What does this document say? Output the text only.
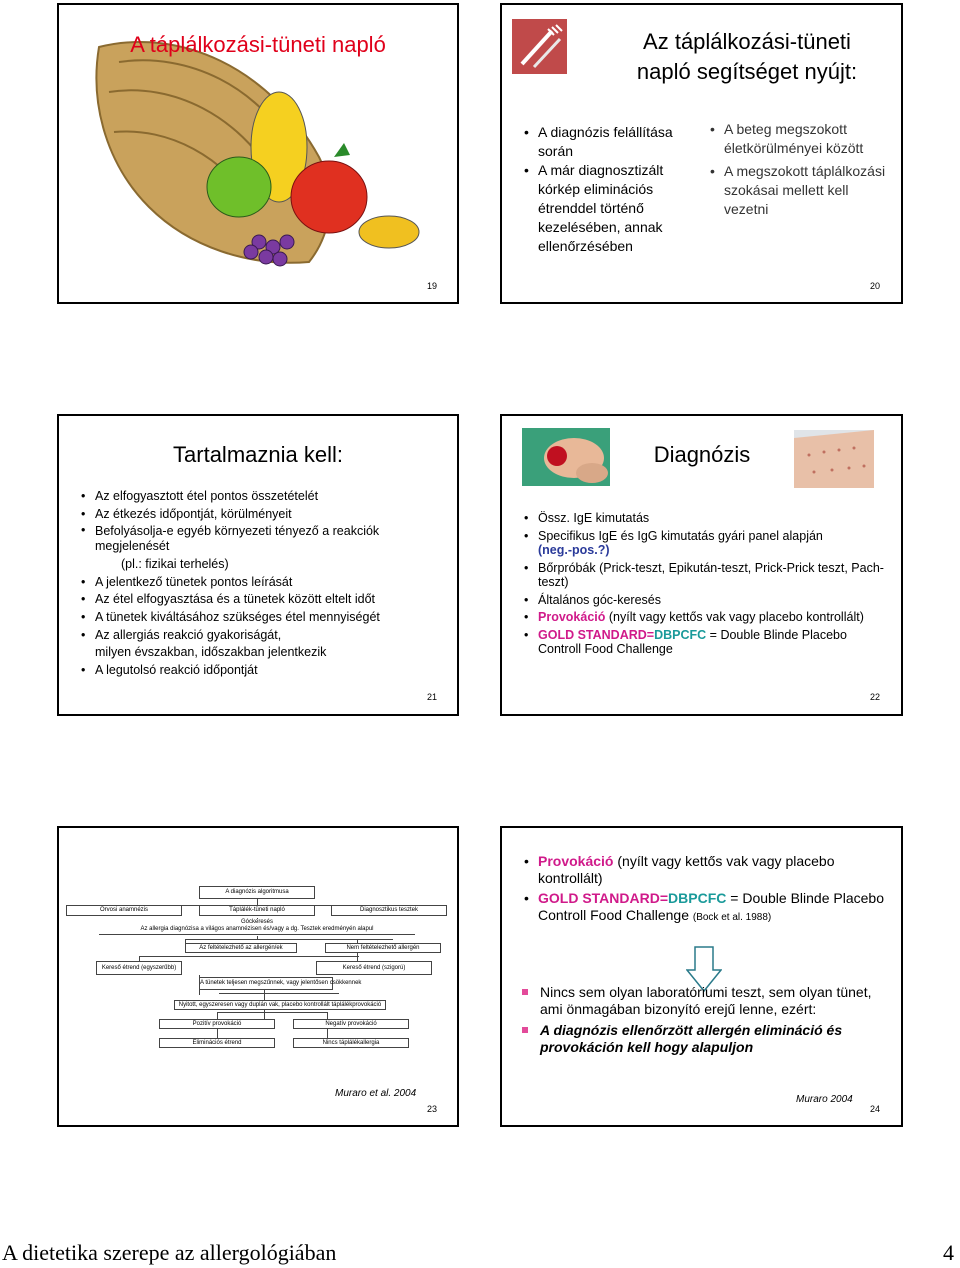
A táplálkozási-tüneti napló
19
Az táplálkozási-tüneti
napló segítséget nyújt:
• A diagnózis felállítása során
• A már diagnosztizált kórkép eliminációs étrenddel történő kezelésében, annak ellenőrzésében
• A beteg megszokott életkörülményei között
• A megszokott táplálkozási szokásai mellett kell vezetni
20
Tartalmaznia kell:
• Az elfogyasztott étel pontos összetételét
• Az étkezés időpontját, körülményeit
• Befolyásolja-e egyéb környezeti tényező a reakciók megjelenését
(pl.: fizikai terhelés)
• A jelentkező tünetek pontos leírását
• Az étel elfogyasztása és a tünetek között eltelt időt
• A tünetek kiváltásához szükséges étel mennyiségét
• Az allergiás reakció gyakoriságát,
milyen évszakban, időszakban jelentkezik
• A legutolsó reakció időpontját
21
Diagnózis
• Össz. IgE kimutatás
• Specifikus IgE és IgG kimutatás gyári panel alapján
(neg.-pos.?)
• Bőrpróbák (Prick-teszt, Epikután-teszt, Prick-Prick teszt, Pach-teszt)
• Általános góc-keresés
• Provokáció (nyílt vagy kettős vak vagy placebo kontrollált)
• GOLD STANDARD=DBPCFC = Double Blinde Placebo Controll Food Challenge
22
A diagnózis algoritmusa
Orvosi anamnézis	Táplálék-tüneti napló	Diagnosztikus tesztek
Góckeresés
Az allergia diagnózisa a világos anamnézisen és/vagy a dg. Tesztek eredményén alapul
Az feltételezhető az allergén/ek	Nem feltételezhető allergén
Kereső étrend (egyszerűbb)	Kereső étrend (szigorú)
A tünetek teljesen megszűnnek, vagy jelentősen csökkennek
Nyitott, egyszeresen vagy duplán vak, placebo kontrollált táplálékprovokáció
Pozitív provokáció	Negatív provokáció
Eliminációs étrend	Nincs táplálékallergia
Muraro et al. 2004
23
• Provokáció (nyílt vagy kettős vak vagy placebo kontrollált)
• GOLD STANDARD=DBPCFC = Double Blinde Placebo Controll Food Challenge (Bock et al. 1988)
Nincs sem olyan laboratóriumi teszt, sem olyan tünet, ami önmagában bizonyító erejű lenne, ezért:
A diagnózis ellenőrzött allergén elimináció és provokáción kell hogy alapuljon
Muraro 2004
24
A dietetika szerepe az allergológiában	4
